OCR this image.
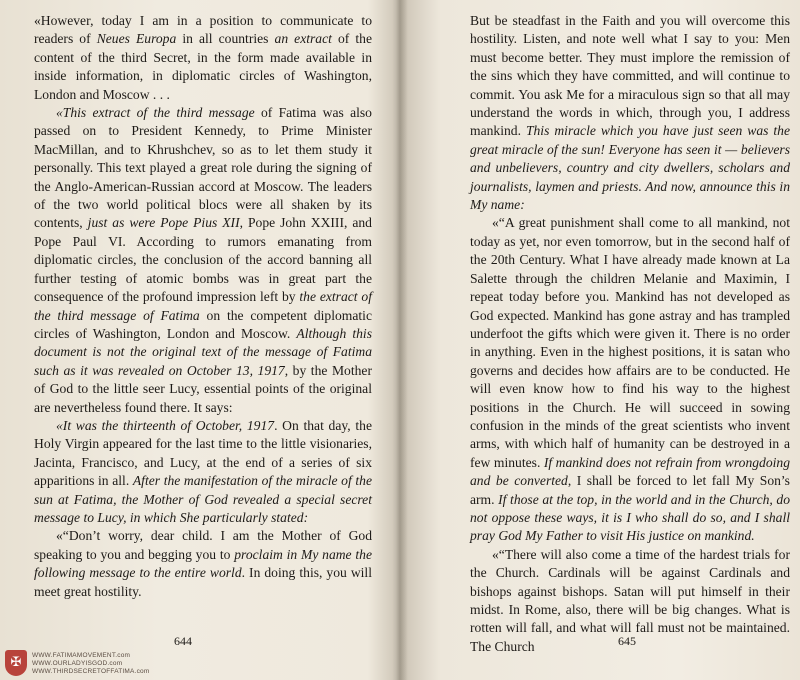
«However, today I am in a position to communicate to readers of Neues Europa in all countries an extract of the content of the third Secret, in the form made available in inside information, in diplomatic circles of Washington, London and Moscow . . .

«This extract of the third message of Fatima was also passed on to President Kennedy, to Prime Minister MacMillan, and to Khrushchev, so as to let them study it personally. This text played a great role during the signing of the Anglo-American-Russian accord at Moscow. The leaders of the two world political blocs were all shaken by its contents, just as were Pope Pius XII, Pope John XXIII, and Pope Paul VI. According to rumors emanating from diplomatic circles, the conclusion of the accord banning all further testing of atomic bombs was in great part the consequence of the profound impression left by the extract of the third message of Fatima on the competent diplomatic circles of Washington, London and Moscow. Although this document is not the original text of the message of Fatima such as it was revealed on October 13, 1917, by the Mother of God to the little seer Lucy, essential points of the original are nevertheless found there. It says:

«It was the thirteenth of October, 1917. On that day, the Holy Virgin appeared for the last time to the little visionaries, Jacinta, Francisco, and Lucy, at the end of a series of six apparitions in all. After the manifestation of the miracle of the sun at Fatima, the Mother of God revealed a special secret message to Lucy, in which She particularly stated:

«“Don’t worry, dear child. I am the Mother of God speaking to you and begging you to proclaim in My name the following message to the entire world. In doing this, you will meet great hostility.

644

But be steadfast in the Faith and you will overcome this hostility. Listen, and note well what I say to you: Men must become better. They must implore the remission of the sins which they have committed, and will continue to commit. You ask Me for a miraculous sign so that all may understand the words in which, through you, I address mankind. This miracle which you have just seen was the great miracle of the sun! Everyone has seen it — believers and unbelievers, country and city dwellers, scholars and journalists, laymen and priests. And now, announce this in My name:

«“A great punishment shall come to all mankind, not today as yet, nor even tomorrow, but in the second half of the 20th Century. What I have already made known at La Salette through the children Melanie and Maximin, I repeat today before you. Mankind has not developed as God expected. Mankind has gone astray and has trampled underfoot the gifts which were given it. There is no order in anything. Even in the highest positions, it is satan who governs and decides how affairs are to be conducted. He will even know how to find his way to the highest positions in the Church. He will succeed in sowing confusion in the minds of the great scientists who invent arms, with which half of humanity can be destroyed in a few minutes. If mankind does not refrain from wrongdoing and be converted, I shall be forced to let fall My Son’s arm. If those at the top, in the world and in the Church, do not oppose these ways, it is I who shall do so, and I shall pray God My Father to visit His justice on mankind.

«“There will also come a time of the hardest trials for the Church. Cardinals will be against Cardinals and bishops against bishops. Satan will put himself in their midst. In Rome, also, there will be big changes. What is rotten will fall, and what will fall must not be maintained. The Church	645
✠	WWW.FATIMAMOVEMENT.com
WWW.OURLADYISGOD.com
WWW.THIRDSECRETOFFATIMA.com
